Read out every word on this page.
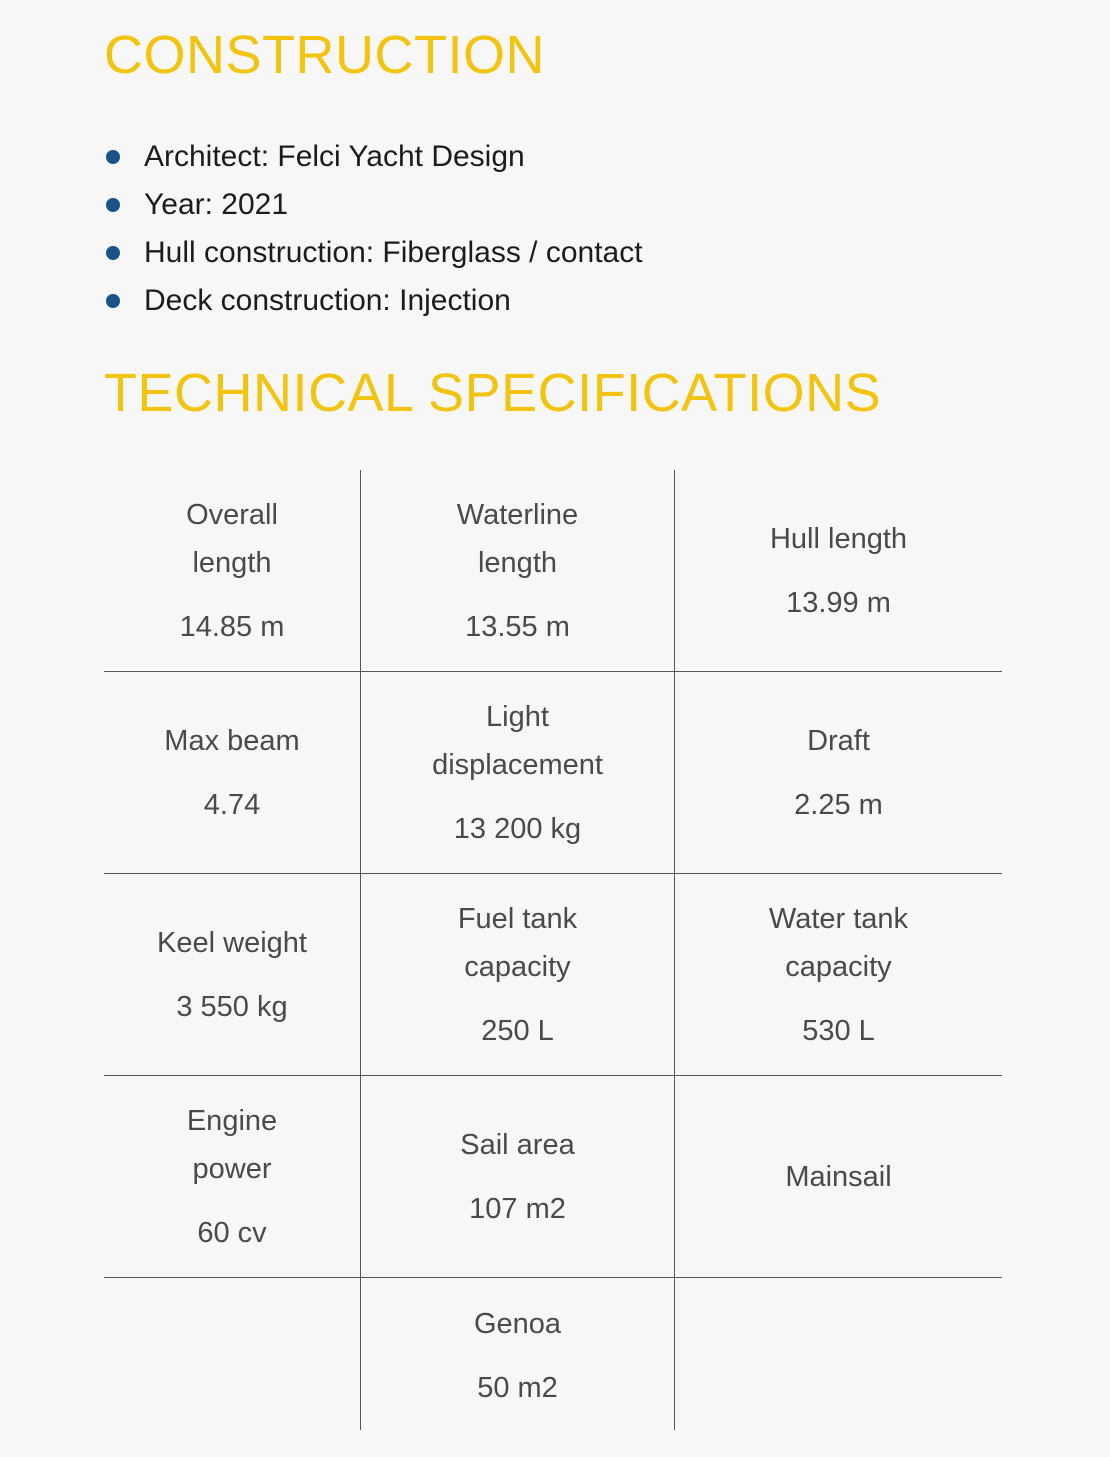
CONSTRUCTION
Architect: Felci Yacht Design
Year: 2021
Hull construction: Fiberglass / contact
Deck construction: Injection
TECHNICAL SPECIFICATIONS
Overall length
14.85 m
Waterline length
13.55 m
Hull length
13.99 m
Max beam
4.74
Light displacement
13 200 kg
Draft
2.25 m
Keel weight
3 550 kg
Fuel tank capacity
250 L
Water tank capacity
530 L
Engine power
60 cv
Sail area
107 m2
Mainsail
Genoa
50 m2
